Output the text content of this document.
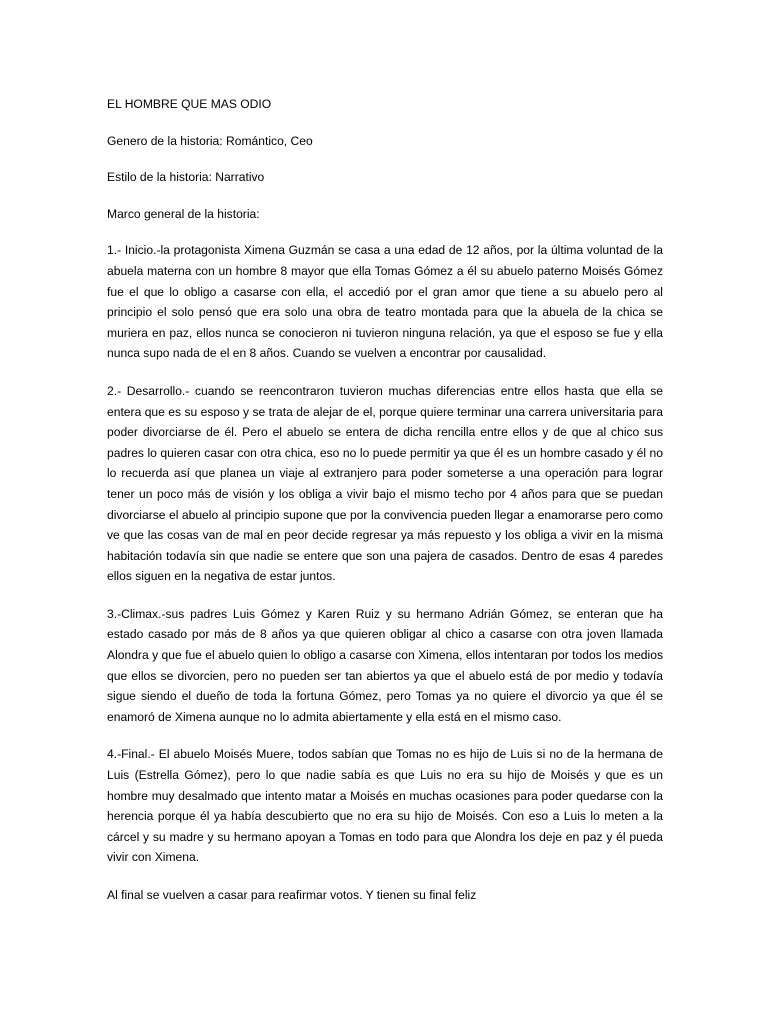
EL HOMBRE QUE MAS ODIO

Genero de la historia: Romántico, Ceo

Estilo de la historia: Narrativo

Marco general de la historia:

1.- Inicio.-la protagonista Ximena Guzmán se casa a una edad de 12 años, por la última voluntad de la abuela materna con un hombre 8 mayor que ella Tomas Gómez a él su abuelo paterno Moisés Gómez fue el que lo obligo a casarse con ella, el accedió por el gran amor que tiene a su abuelo pero al principio el solo pensó que era solo una obra de teatro montada para que la abuela de la chica se muriera en paz, ellos nunca se conocieron ni tuvieron ninguna relación, ya que el esposo se fue y ella nunca supo nada de el en 8 años. Cuando se vuelven a encontrar por causalidad.

2.- Desarrollo.- cuando se reencontraron tuvieron muchas diferencias entre ellos hasta que ella se entera que es su esposo y se trata de alejar de el, porque quiere terminar una carrera universitaria para poder divorciarse de él. Pero el abuelo se entera de dicha rencilla entre ellos y de que al chico sus padres lo quieren casar con otra chica, eso no lo puede permitir ya que él es un hombre casado y él no lo recuerda así que planea un viaje al extranjero para poder someterse a una operación para lograr tener un poco más de visión y los obliga a vivir bajo el mismo techo por 4 años para que se puedan divorciarse el abuelo al principio supone que por la convivencia pueden llegar a enamorarse pero como ve que las cosas van de mal en peor decide regresar ya más repuesto y los obliga a vivir en la misma habitación todavía sin que nadie se entere que son una pajera de casados. Dentro de esas 4 paredes ellos siguen en la negativa de estar juntos.

3.-Climax.-sus padres Luis Gómez y Karen Ruiz y su hermano Adrián Gómez, se enteran que ha estado casado por más de 8 años ya que quieren obligar al chico a casarse con otra joven llamada Alondra y que fue el abuelo quien lo obligo a casarse con Ximena, ellos intentaran por todos los medios que ellos se divorcien, pero no pueden ser tan abiertos ya que el abuelo está de por medio y todavía sigue siendo el dueño de toda la fortuna Gómez, pero Tomas ya no quiere el divorcio ya que él se enamoró de Ximena aunque no lo admita abiertamente y ella está en el mismo caso.

4.-Final.- El abuelo Moisés Muere, todos sabían que Tomas no es hijo de Luis si no de la hermana de Luis (Estrella Gómez), pero lo que nadie sabía es que Luis no era su hijo de Moisés y que es un hombre muy desalmado que intento matar a Moisés en muchas ocasiones para poder quedarse con la herencia porque él ya había descubierto que no era su hijo de Moisés. Con eso a Luis lo meten a la cárcel y su madre y su hermano apoyan a Tomas en todo para que Alondra los deje en paz y él pueda vivir con Ximena.

Al final se vuelven a casar para reafirmar votos. Y tienen su final feliz
